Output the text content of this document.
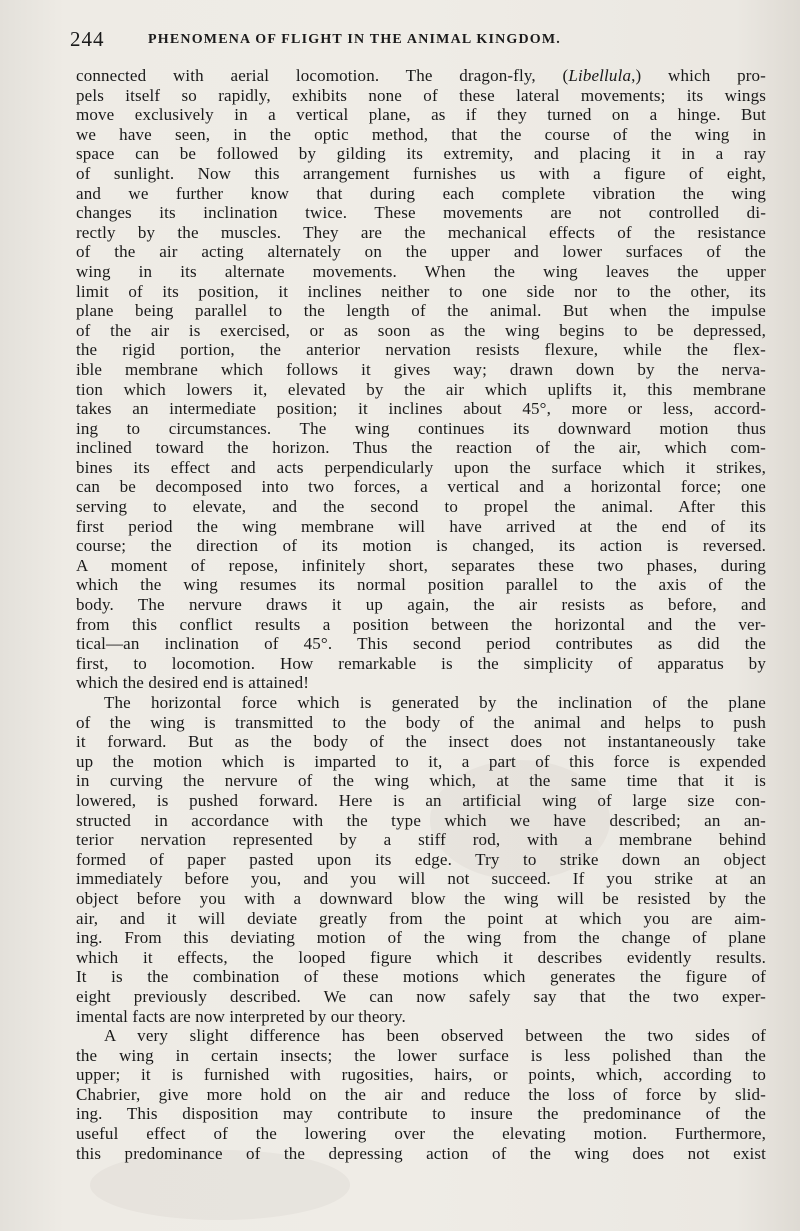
244	PHENOMENA OF FLIGHT IN THE ANIMAL KINGDOM.
connected with aerial locomotion. The dragon-fly, (Libellula,) which pro-
pels itself so rapidly, exhibits none of these lateral movements; its wings
move exclusively in a vertical plane, as if they turned on a hinge. But
we have seen, in the optic method, that the course of the wing in
space can be followed by gilding its extremity, and placing it in a ray
of sunlight. Now this arrangement furnishes us with a figure of eight,
and we further know that during each complete vibration the wing
changes its inclination twice. These movements are not controlled di-
rectly by the muscles. They are the mechanical effects of the resistance
of the air acting alternately on the upper and lower surfaces of the
wing in its alternate movements. When the wing leaves the upper
limit of its position, it inclines neither to one side nor to the other, its
plane being parallel to the length of the animal. But when the impulse
of the air is exercised, or as soon as the wing begins to be depressed,
the rigid portion, the anterior nervation resists flexure, while the flex-
ible membrane which follows it gives way; drawn down by the nerva-
tion which lowers it, elevated by the air which uplifts it, this membrane
takes an intermediate position; it inclines about 45°, more or less, accord-
ing to circumstances. The wing continues its downward motion thus
inclined toward the horizon. Thus the reaction of the air, which com-
bines its effect and acts perpendicularly upon the surface which it strikes,
can be decomposed into two forces, a vertical and a horizontal force; one
serving to elevate, and the second to propel the animal. After this
first period the wing membrane will have arrived at the end of its
course; the direction of its motion is changed, its action is reversed.
A moment of repose, infinitely short, separates these two phases, during
which the wing resumes its normal position parallel to the axis of the
body. The nervure draws it up again, the air resists as before, and
from this conflict results a position between the horizontal and the ver-
tical—an inclination of 45°. This second period contributes as did the
first, to locomotion. How remarkable is the simplicity of apparatus by
which the desired end is attained!
The horizontal force which is generated by the inclination of the plane
of the wing is transmitted to the body of the animal and helps to push
it forward. But as the body of the insect does not instantaneously take
up the motion which is imparted to it, a part of this force is expended
in curving the nervure of the wing which, at the same time that it is
lowered, is pushed forward. Here is an artificial wing of large size con-
structed in accordance with the type which we have described; an an-
terior nervation represented by a stiff rod, with a membrane behind
formed of paper pasted upon its edge. Try to strike down an object
immediately before you, and you will not succeed. If you strike at an
object before you with a downward blow the wing will be resisted by the
air, and it will deviate greatly from the point at which you are aim-
ing. From this deviating motion of the wing from the change of plane
which it effects, the looped figure which it describes evidently results.
It is the combination of these motions which generates the figure of
eight previously described. We can now safely say that the two exper-
imental facts are now interpreted by our theory.
A very slight difference has been observed between the two sides of
the wing in certain insects; the lower surface is less polished than the
upper; it is furnished with rugosities, hairs, or points, which, according to
Chabrier, give more hold on the air and reduce the loss of force by slid-
ing. This disposition may contribute to insure the predominance of the
useful effect of the lowering over the elevating motion. Furthermore,
this predominance of the depressing action of the wing does not exist
